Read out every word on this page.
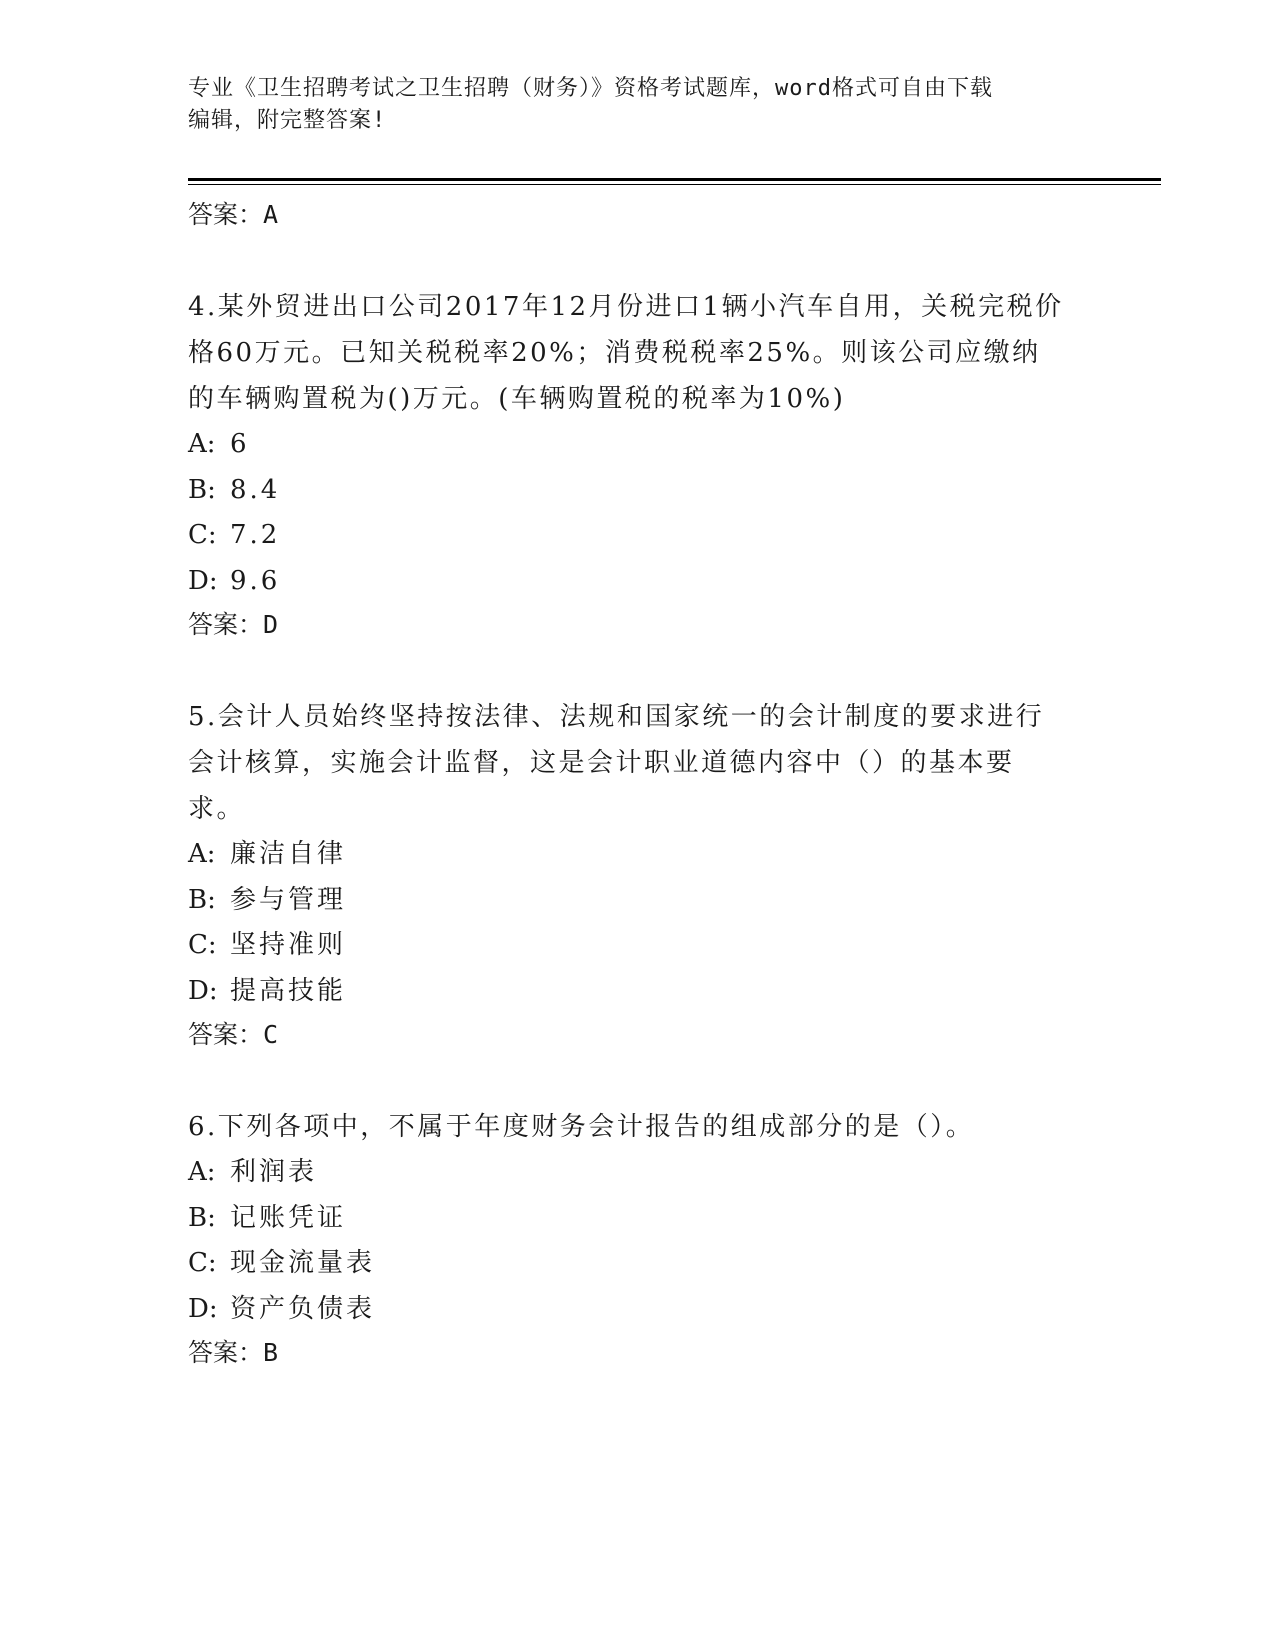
专业《卫生招聘考试之卫生招聘（财务）》资格考试题库，word格式可自由下载
编辑，附完整答案!

答案：A

4.某外贸进出口公司2017年12月份进口1辆小汽车自用，关税完税价格60万元。已知关税税率20%；消费税税率25%。则该公司应缴纳的车辆购置税为()万元。(车辆购置税的税率为10%)

A: 6
B: 8.4
C: 7.2
D: 9.6

答案：D

5.会计人员始终坚持按法律、法规和国家统一的会计制度的要求进行会计核算，实施会计监督，这是会计职业道德内容中（）的基本要求。

A: 廉洁自律
B: 参与管理
C: 坚持准则
D: 提高技能

答案：C

6.下列各项中，不属于年度财务会计报告的组成部分的是（）。

A: 利润表
B: 记账凭证
C: 现金流量表
D: 资产负债表

答案：B
